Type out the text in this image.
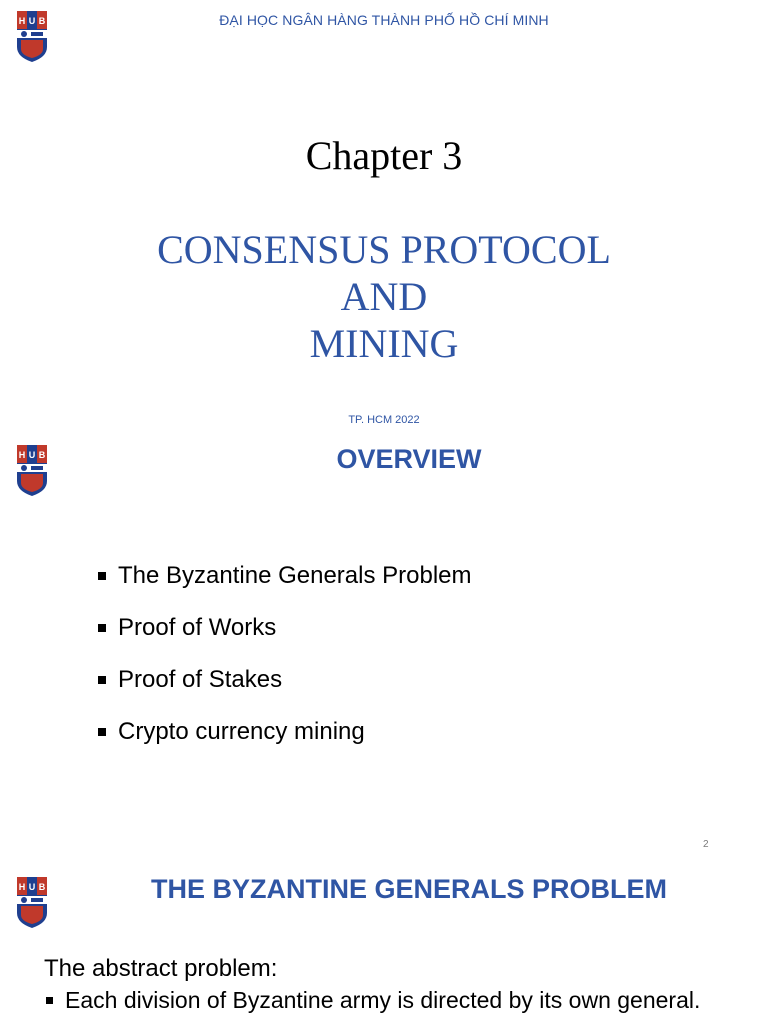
H U B	ĐẠI HỌC NGÂN HÀNG THÀNH PHỐ HỒ CHÍ MINH
Chapter 3
CONSENSUS PROTOCOL
AND
MINING
TP. HCM 2022
H U B	OVERVIEW
The Byzantine Generals Problem
Proof of Works
Proof of Stakes
Crypto currency mining
2
H U B	THE BYZANTINE GENERALS PROBLEM
The abstract problem:
Each division of Byzantine army is directed by its own general.
